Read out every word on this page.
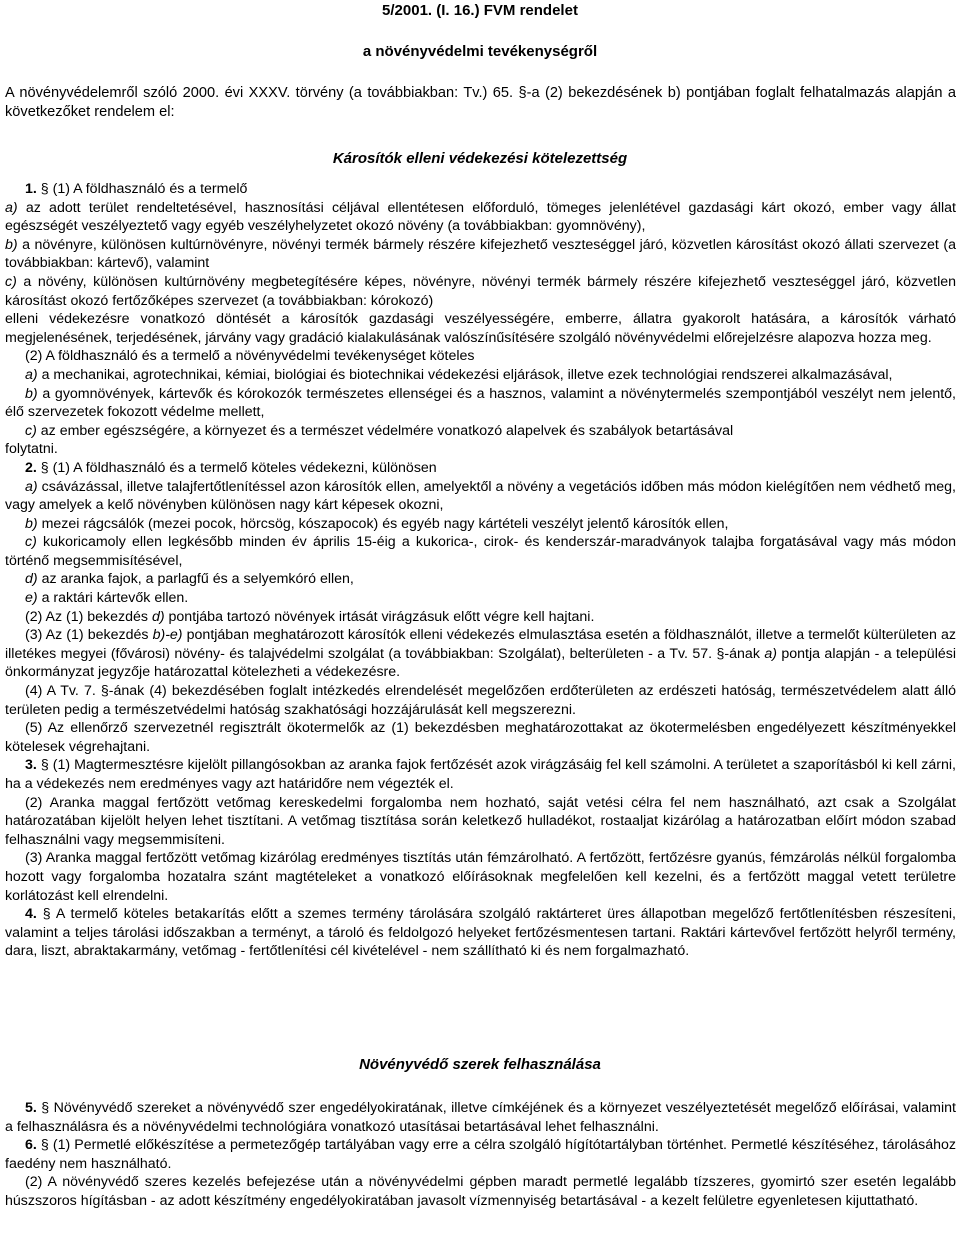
5/2001. (I. 16.) FVM rendelet
a növényvédelmi tevékenységről

A növényvédelemről szóló 2000. évi XXXV. törvény (a továbbiakban: Tv.) 65. §-a (2) bekezdésének b) pontjában foglalt felhatalmazás alapján a következőket rendelem el:

Károsítók elleni védekezési kötelezettség

1. § (1) A földhasználó és a termelő

a) az adott terület rendeltetésével, hasznosítási céljával ellentétesen előforduló, tömeges jelenlétével gazdasági kárt okozó, ember vagy állat egészségét veszélyeztető vagy egyéb veszélyhelyzetet okozó növény (a továbbiakban: gyomnövény),

b) a növényre, különösen kultúrnövényre, növényi termék bármely részére kifejezhető veszteséggel járó, közvetlen károsítást okozó állati szervezet (a továbbiakban: kártevő), valamint

c) a növény, különösen kultúrnövény megbetegítésére képes, növényre, növényi termék bármely részére kifejezhető veszteséggel járó, közvetlen károsítást okozó fertőzőképes szervezet (a továbbiakban: kórokozó)

elleni védekezésre vonatkozó döntését a károsítók gazdasági veszélyességére, emberre, állatra gyakorolt hatására, a károsítók várható megjelenésének, terjedésének, járvány vagy gradáció kialakulásának valószínűsítésére szolgáló növényvédelmi előrejelzésre alapozva hozza meg.

(2) A földhasználó és a termelő a növényvédelmi tevékenységet köteles

a) a mechanikai, agrotechnikai, kémiai, biológiai és biotechnikai védekezési eljárások, illetve ezek technológiai rendszerei alkalmazásával,

b) a gyomnövények, kártevők és kórokozók természetes ellenségei és a hasznos, valamint a növénytermelés szempontjából veszélyt nem jelentő, élő szervezetek fokozott védelme mellett,

c) az ember egészségére, a környezet és a természet védelmére vonatkozó alapelvek és szabályok betartásával

folytatni.

2. § (1) A földhasználó és a termelő köteles védekezni, különösen

a) csávázással, illetve talajfertőtlenítéssel azon károsítók ellen, amelyektől a növény a vegetációs időben más módon kielégítően nem védhető meg, vagy amelyek a kelő növényben különösen nagy kárt képesek okozni,

b) mezei rágcsálók (mezei pocok, hörcsög, kószapocok) és egyéb nagy kártételi veszélyt jelentő károsítók ellen,

c) kukoricamoly ellen legkésőbb minden év április 15-éig a kukorica-, cirok- és kenderszár-maradványok talajba forgatásával vagy más módon történő megsemmisítésével,

d) az aranka fajok, a parlagfű és a selyemkóró ellen,

e) a raktári kártevők ellen.

(2) Az (1) bekezdés d) pontjába tartozó növények irtását virágzásuk előtt végre kell hajtani.

(3) Az (1) bekezdés b)-e) pontjában meghatározott károsítók elleni védekezés elmulasztása esetén a földhasználót, illetve a termelőt külterületen az illetékes megyei (fővárosi) növény- és talajvédelmi szolgálat (a továbbiakban: Szolgálat), belterületen - a Tv. 57. §-ának a) pontja alapján - a települési önkormányzat jegyzője határozattal kötelezheti a védekezésre.

(4) A Tv. 7. §-ának (4) bekezdésében foglalt intézkedés elrendelését megelőzően erdőterületen az erdészeti hatóság, természetvédelem alatt álló területen pedig a természetvédelmi hatóság szakhatósági hozzájárulását kell megszerezni.

(5) Az ellenőrző szervezetnél regisztrált ökotermelők az (1) bekezdésben meghatározottakat az ökotermelésben engedélyezett készítményekkel kötelesek végrehajtani.

3. § (1) Magtermesztésre kijelölt pillangósokban az aranka fajok fertőzését azok virágzásáig fel kell számolni. A területet a szaporításból ki kell zárni, ha a védekezés nem eredményes vagy azt határidőre nem végezték el.

(2) Aranka maggal fertőzött vetőmag kereskedelmi forgalomba nem hozható, saját vetési célra fel nem használható, azt csak a Szolgálat határozatában kijelölt helyen lehet tisztítani. A vetőmag tisztítása során keletkező hulladékot, rostaaljat kizárólag a határozatban előírt módon szabad felhasználni vagy megsemmisíteni.

(3) Aranka maggal fertőzött vetőmag kizárólag eredményes tisztítás után fémzárolható. A fertőzött, fertőzésre gyanús, fémzárolás nélkül forgalomba hozott vagy forgalomba hozatalra szánt magtételeket a vonatkozó előírásoknak megfelelően kell kezelni, és a fertőzött maggal vetett területre korlátozást kell elrendelni.

4. § A termelő köteles betakarítás előtt a szemes termény tárolására szolgáló raktárteret üres állapotban megelőző fertőtlenítésben részesíteni, valamint a teljes tárolási időszakban a terményt, a tároló és feldolgozó helyeket fertőzésmentesen tartani. Raktári kártevővel fertőzött helyről termény, dara, liszt, abraktakarmány, vetőmag - fertőtlenítési cél kivételével - nem szállítható ki és nem forgalmazható.

Növényvédő szerek felhasználása

5. § Növényvédő szereket a növényvédő szer engedélyokiratának, illetve címkéjének és a környezet veszélyeztetését megelőző előírásai, valamint a felhasználásra és a növényvédelmi technológiára vonatkozó utasításai betartásával lehet felhasználni.

6. § (1) Permetlé előkészítése a permetezőgép tartályában vagy erre a célra szolgáló hígítótartályban történhet. Permetlé készítéséhez, tárolásához faedény nem használható.

(2) A növényvédő szeres kezelés befejezése után a növényvédelmi gépben maradt permetlé legalább tízszeres, gyomirtó szer esetén legalább húszszoros hígításban - az adott készítmény engedélyokiratában javasolt vízmennyiség betartásával - a kezelt felületre egyenletesen kijuttatható.
